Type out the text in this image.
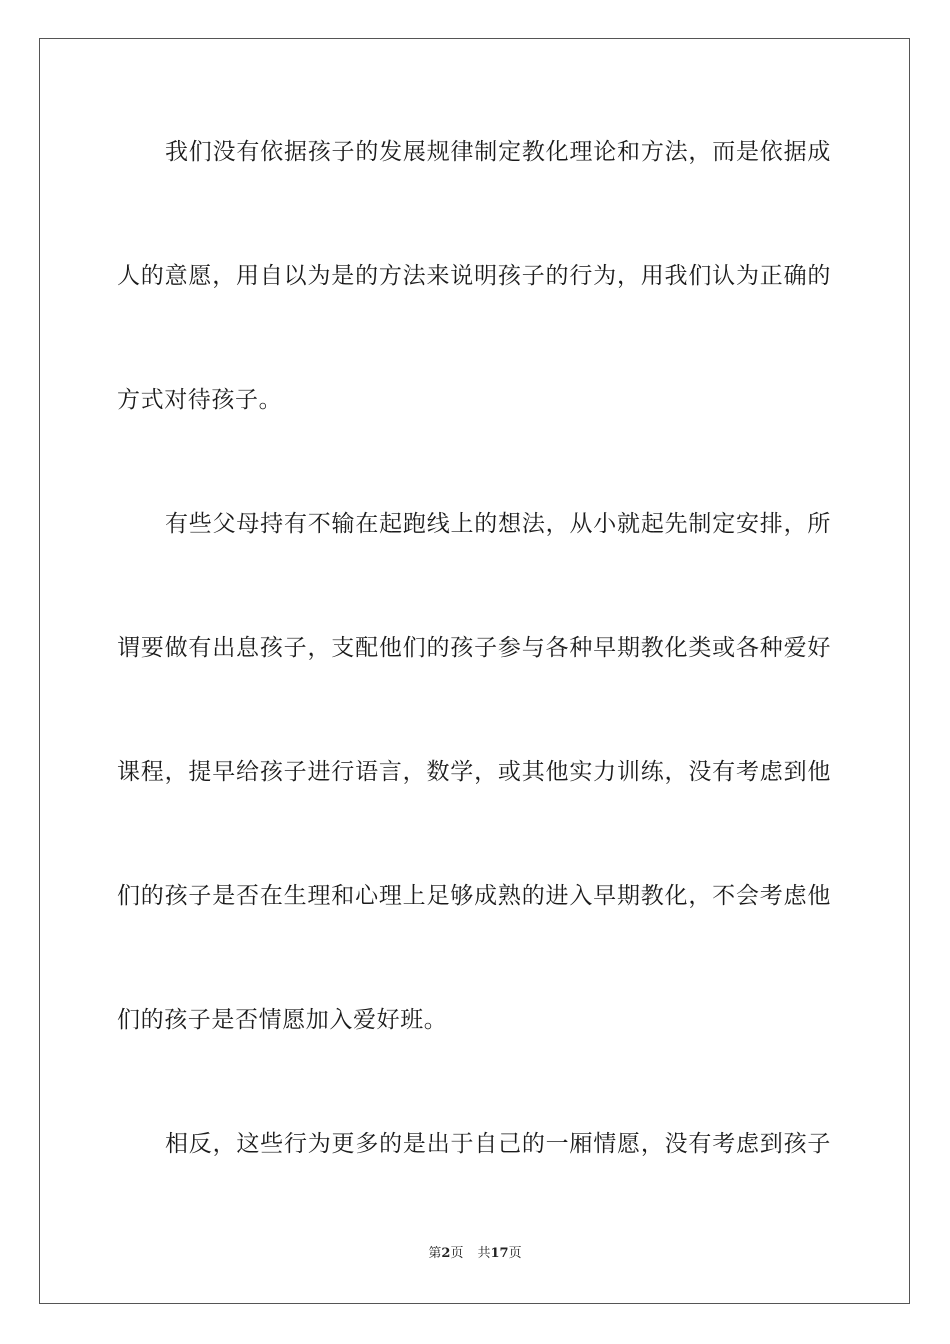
我们没有依据孩子的发展规律制定教化理论和方法，而是依据成
人的意愿，用自以为是的方法来说明孩子的行为，用我们认为正确的
方式对待孩子。
有些父母持有不输在起跑线上的想法，从小就起先制定安排，所
谓要做有出息孩子，支配他们的孩子参与各种早期教化类或各种爱好
课程，提早给孩子进行语言，数学，或其他实力训练，没有考虑到他
们的孩子是否在生理和心理上足够成熟的进入早期教化，不会考虑他
们的孩子是否情愿加入爱好班。
相反，这些行为更多的是出于自己的一厢情愿，没有考虑到孩子
第2页 共17页
